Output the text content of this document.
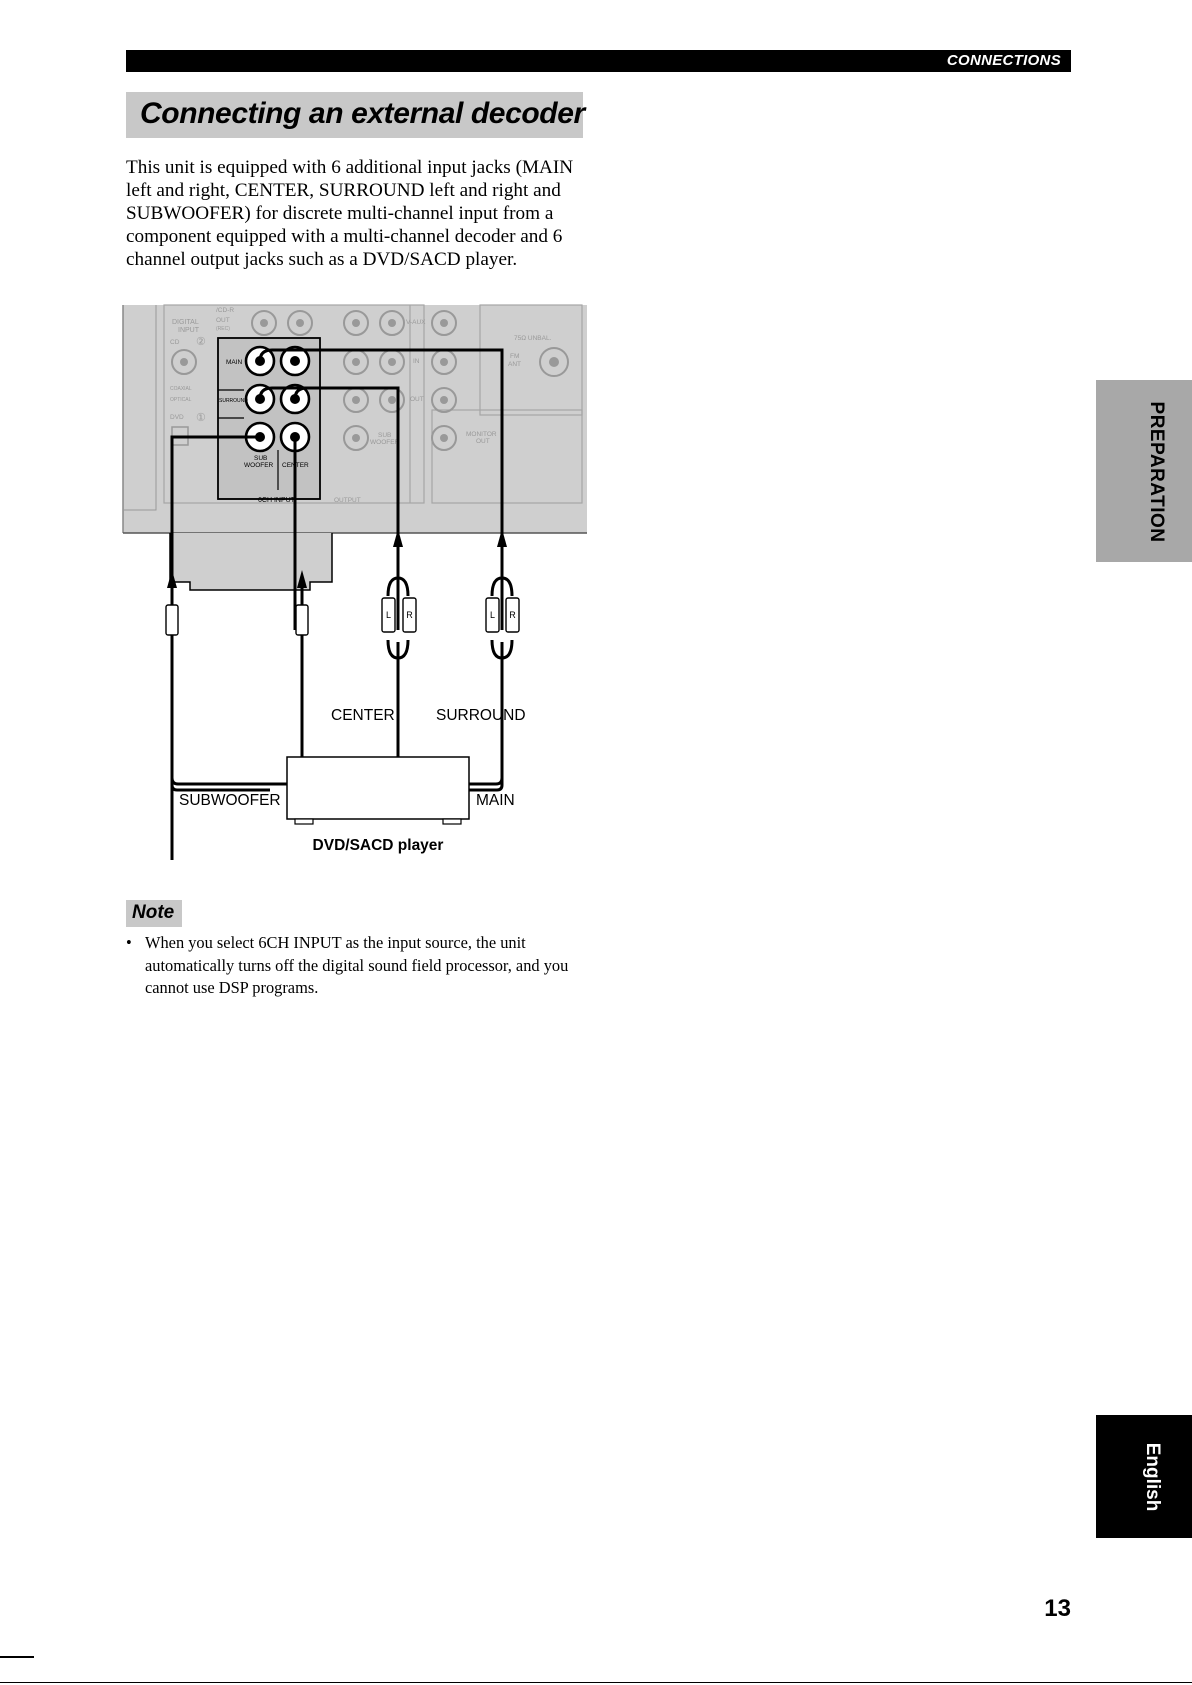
CONNECTIONS
Connecting an external decoder

This unit is equipped with 6 additional input jacks (MAIN left and right, CENTER, SURROUND left and right and SUBWOOFER) for discrete multi-channel input from a component equipped with a multi-channel decoder and 6 channel output jacks such as a DVD/SACD player.

/CD-R
OUT
(REC)
DIGITAL
INPUT
CD
COAXIAL
OPTICAL
DVD ①
②
V-AUX
IN
OUT
SUB
WOOFER
MONITOR
OUT
75Ω UNBAL.
FM
ANT
OUTPUT
MAIN
SURROUND
SUB
WOOFER CENTER
6CH INPUT
L R	L R
CENTER	SURROUND
SUBWOOFER	MAIN
DVD/SACD player
Note
• When you select 6CH INPUT as the input source, the unit automatically turns off the digital sound field processor, and you cannot use DSP programs.
PREPARATION
English
13
